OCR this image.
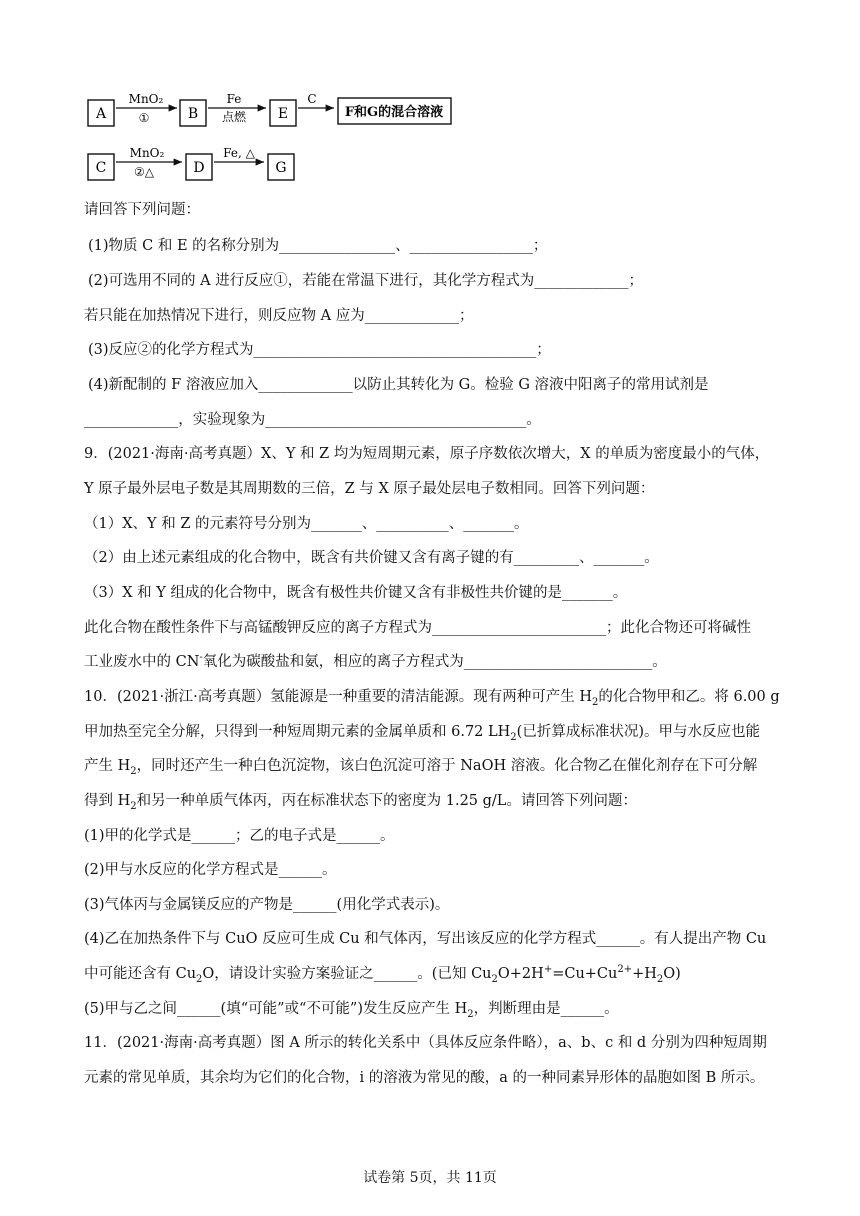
A
MnO₂
①	B
Fe
点燃 E
C
F和G的混合溶液
C
MnO₂
②△	D
Fe, △
G
请回答下列问题：
(1)物质 C 和 E 的名称分别为________________、_________________；
(2)可选用不同的 A 进行反应①，若能在常温下进行，其化学方程式为_____________；
若只能在加热情况下进行，则反应物 A 应为_____________；
(3)反应②的化学方程式为_______________________________________；
(4)新配制的 F 溶液应加入_____________以防止其转化为 G。检验 G 溶液中阳离子的常用试剂是
_____________，实验现象为____________________________________。
9．(2021·海南·高考真题）X、Y 和 Z 均为短周期元素，原子序数依次增大，X 的单质为密度最小的气体，
Y 原子最外层电子数是其周期数的三倍，Z 与 X 原子最处层电子数相同。回答下列问题：
（1）X、Y 和 Z 的元素符号分别为_______、__________、_______。
（2）由上述元素组成的化合物中，既含有共价键又含有离子键的有_________、_______。
（3）X 和 Y 组成的化合物中，既含有极性共价键又含有非极性共价键的是_______。
此化合物在酸性条件下与高锰酸钾反应的离子方程式为________________________；此化合物还可将碱性
工业废水中的 CN-氧化为碳酸盐和氨，相应的离子方程式为__________________________。
10．(2021·浙江·高考真题）氢能源是一种重要的清洁能源。现有两种可产生 $H_2$的化合物甲和乙。将 6.00 g
甲加热至完全分解，只得到一种短周期元素的金属单质和 6.72 $LH_2$(已折算成标准状况)。甲与水反应也能
产生 $H_2$，同时还产生一种白色沉淀物，该白色沉淀可溶于 NaOH 溶液。化合物乙在催化剂存在下可分解
得到 $H_2$和另一种单质气体丙，丙在标准状态下的密度为 1.25 g/L。请回答下列问题：
(1)甲的化学式是______；乙的电子式是______。
(2)甲与水反应的化学方程式是______。
(3)气体丙与金属镁反应的产物是______(用化学式表示)。
(4)乙在加热条件下与 CuO 反应可生成 Cu 和气体丙，写出该反应的化学方程式______。有人提出产物 Cu
中可能还含有 $Cu_2O$，请设计实验方案验证之______。(已知 $Cu_2O+2H^+=Cu+Cu^{2+}+H_2O$)
(5)甲与乙之间______(填“可能”或“不可能”)发生反应产生 $H_2$，判断理由是______。
11．(2021·海南·高考真题）图 A 所示的转化关系中（具体反应条件略），a、b、c 和 d 分别为四种短周期
元素的常见单质，其余均为它们的化合物，i 的溶液为常见的酸，a 的一种同素异形体的晶胞如图 B 所示。
试卷第 5页，共 11页
